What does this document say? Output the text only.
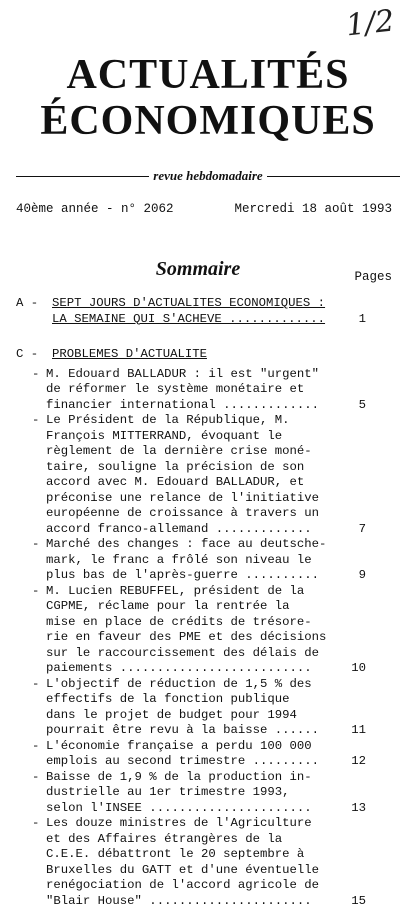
1/2
ACTUALITÉS
ÉCONOMIQUES
revue hebdomadaire
40ème année - n° 2062	Mercredi 18 août 1993
Sommaire	Pages
A -	SEPT JOURS D'ACTUALITES ECONOMIQUES :
LA SEMAINE QUI S'ACHEVE .............	1
C -	PROBLEMES D'ACTUALITE
- M. Edouard BALLADUR : il est "urgent"
de réformer le système monétaire et
financier international .............	5
- Le Président de la République, M.
François MITTERRAND, évoquant le
règlement de la dernière crise moné-
taire, souligne la précision de son
accord avec M. Edouard BALLADUR, et
préconise une relance de l'initiative
européenne de croissance à travers un
accord franco-allemand .............	7
- Marché des changes : face au deutsche-
mark, le franc a frôlé son niveau le
plus bas de l'après-guerre ..........	9
- M. Lucien REBUFFEL, président de la
CGPME, réclame pour la rentrée la
mise en place de crédits de trésore-
rie en faveur des PME et des décisions
sur le raccourcissement des délais de
paiements ..........................	10
- L'objectif de réduction de 1,5 % des
effectifs de la fonction publique
dans le projet de budget pour 1994
pourrait être revu à la baisse ......	11
- L'économie française a perdu 100 000
emplois au second trimestre .........	12
- Baisse de 1,9 % de la production in-
dustrielle au 1er trimestre 1993,
selon l'INSEE ......................	13
- Les douze ministres de l'Agriculture
et des Affaires étrangères de la
C.E.E. débattront le 20 septembre à
Bruxelles du GATT et d'une éventuelle
renégociation de l'accord agricole de
"Blair House" ......................	15
